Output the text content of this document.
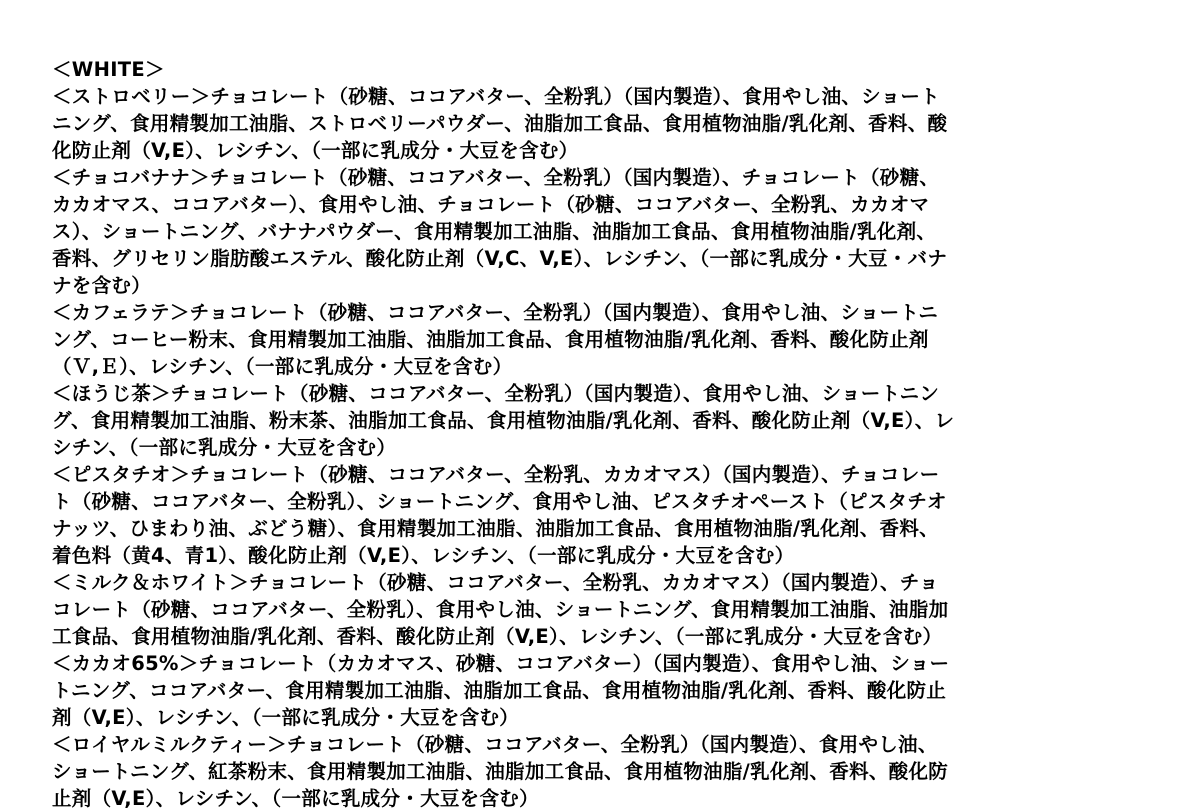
＜WHITE＞
＜ストロベリー＞チョコレート（砂糖、ココアバター、全粉乳）（国内製造）、食用やし油、ショート
ニング、食用精製加工油脂、ストロベリーパウダー、油脂加工食品、食用植物油脂/乳化剤、香料、酸
化防止剤（V,E）、レシチン、（一部に乳成分・大豆を含む）
＜チョコバナナ＞チョコレート（砂糖、ココアバター、全粉乳）（国内製造）、チョコレート（砂糖、
カカオマス、ココアバター）、食用やし油、チョコレート（砂糖、ココアバター、全粉乳、カカオマ
ス）、ショートニング、バナナパウダー、食用精製加工油脂、油脂加工食品、食用植物油脂/乳化剤、
香料、グリセリン脂肪酸エステル、酸化防止剤（V,C、V,E）、レシチン、（一部に乳成分・大豆・バナ
ナを含む）
＜カフェラテ＞チョコレート（砂糖、ココアバター、全粉乳）（国内製造）、食用やし油、ショートニ
ング、コーヒー粉末、食用精製加工油脂、油脂加工食品、食用植物油脂/乳化剤、香料、酸化防止剤
（Ｖ,Ｅ）、レシチン、（一部に乳成分・大豆を含む）
＜ほうじ茶＞チョコレート（砂糖、ココアバター、全粉乳）（国内製造）、食用やし油、ショートニン
グ、食用精製加工油脂、粉末茶、油脂加工食品、食用植物油脂/乳化剤、香料、酸化防止剤（V,E）、レ
シチン、（一部に乳成分・大豆を含む）
＜ピスタチオ＞チョコレート（砂糖、ココアバター、全粉乳、カカオマス）（国内製造）、チョコレー
ト（砂糖、ココアバター、全粉乳）、ショートニング、食用やし油、ピスタチオペースト（ピスタチオ
ナッツ、ひまわり油、ぶどう糖）、食用精製加工油脂、油脂加工食品、食用植物油脂/乳化剤、香料、
着色料（黄4、青1）、酸化防止剤（V,E）、レシチン、（一部に乳成分・大豆を含む）
＜ミルク＆ホワイト＞チョコレート（砂糖、ココアバター、全粉乳、カカオマス）（国内製造）、チョ
コレート（砂糖、ココアバター、全粉乳）、食用やし油、ショートニング、食用精製加工油脂、油脂加
工食品、食用植物油脂/乳化剤、香料、酸化防止剤（V,E）、レシチン、（一部に乳成分・大豆を含む）
＜カカオ65%＞チョコレート（カカオマス、砂糖、ココアバター）（国内製造）、食用やし油、ショー
トニング、ココアバター、食用精製加工油脂、油脂加工食品、食用植物油脂/乳化剤、香料、酸化防止
剤（V,E）、レシチン、（一部に乳成分・大豆を含む）
＜ロイヤルミルクティー＞チョコレート（砂糖、ココアバター、全粉乳）（国内製造）、食用やし油、
ショートニング、紅茶粉末、食用精製加工油脂、油脂加工食品、食用植物油脂/乳化剤、香料、酸化防
止剤（V,E）、レシチン、（一部に乳成分・大豆を含む）
